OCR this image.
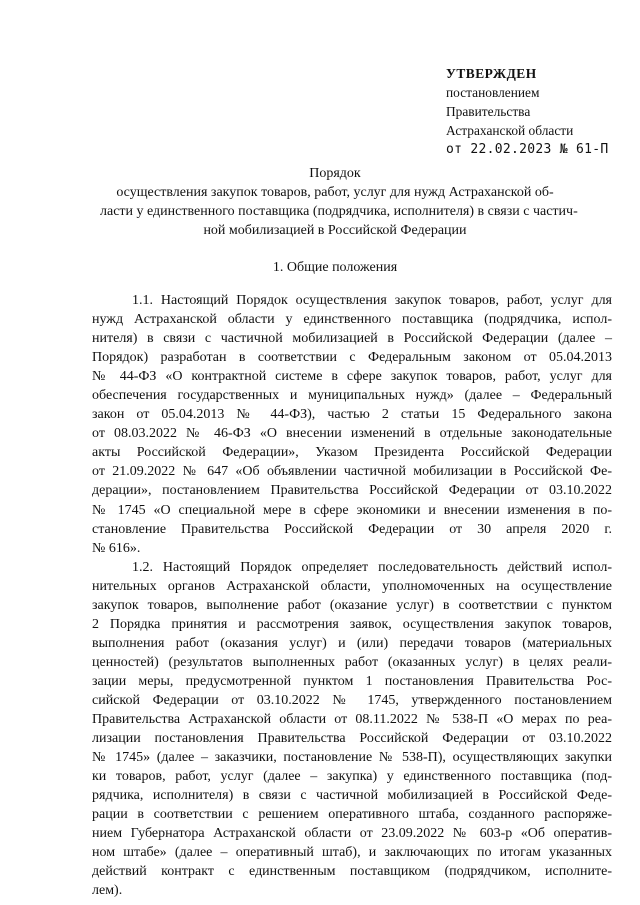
УТВЕРЖДЕН
постановлением
Правительства
Астраханской области
от 22.02.2023 № 61-П
Порядок
осуществления закупок товаров, работ, услуг для нужд Астраханской об-
ласти у единственного поставщика (подрядчика, исполнителя) в связи с частич-
ной мобилизацией в Российской Федерации
1. Общие положения
1.1. Настоящий Порядок осуществления закупок товаров, работ, услуг для
нужд Астраханской области у единственного поставщика (подрядчика, испол-
нителя) в связи с частичной мобилизацией в Российской Федерации (далее –
Порядок) разработан в соответствии с Федеральным законом от 05.04.2013
№ 44-ФЗ «О контрактной системе в сфере закупок товаров, работ, услуг для
обеспечения государственных и муниципальных нужд» (далее – Федеральный
закон от 05.04.2013 № 44-ФЗ), частью 2 статьи 15 Федерального закона
от 08.03.2022 № 46-ФЗ «О внесении изменений в отдельные законодательные
акты Российской Федерации», Указом Президента Российской Федерации
от 21.09.2022 № 647 «Об объявлении частичной мобилизации в Российской Фе-
дерации», постановлением Правительства Российской Федерации от 03.10.2022
№ 1745 «О специальной мере в сфере экономики и внесении изменения в по-
становление Правительства Российской Федерации от 30 апреля 2020 г.
№ 616».
1.2. Настоящий Порядок определяет последовательность действий испол-
нительных органов Астраханской области, уполномоченных на осуществление
закупок товаров, выполнение работ (оказание услуг) в соответствии с пунктом
2 Порядка принятия и рассмотрения заявок, осуществления закупок товаров,
выполнения работ (оказания услуг) и (или) передачи товаров (материальных
ценностей) (результатов выполненных работ (оказанных услуг) в целях реали-
зации меры, предусмотренной пунктом 1 постановления Правительства Рос-
сийской Федерации от 03.10.2022 № 1745, утвержденного постановлением
Правительства Астраханской области от 08.11.2022 № 538-П «О мерах по реа-
лизации постановления Правительства Российской Федерации от 03.10.2022
№ 1745» (далее – заказчики, постановление № 538-П), осуществляющих закупки
ки товаров, работ, услуг (далее – закупка) у единственного поставщика (под-
рядчика, исполнителя) в связи с частичной мобилизацией в Российской Феде-
рации в соответствии с решением оперативного штаба, созданного распоряже-
нием Губернатора Астраханской области от 23.09.2022 № 603-р «Об оператив-
ном штабе» (далее – оперативный штаб), и заключающих по итогам указанных
действий контракт с единственным поставщиком (подрядчиком, исполните-
лем).
